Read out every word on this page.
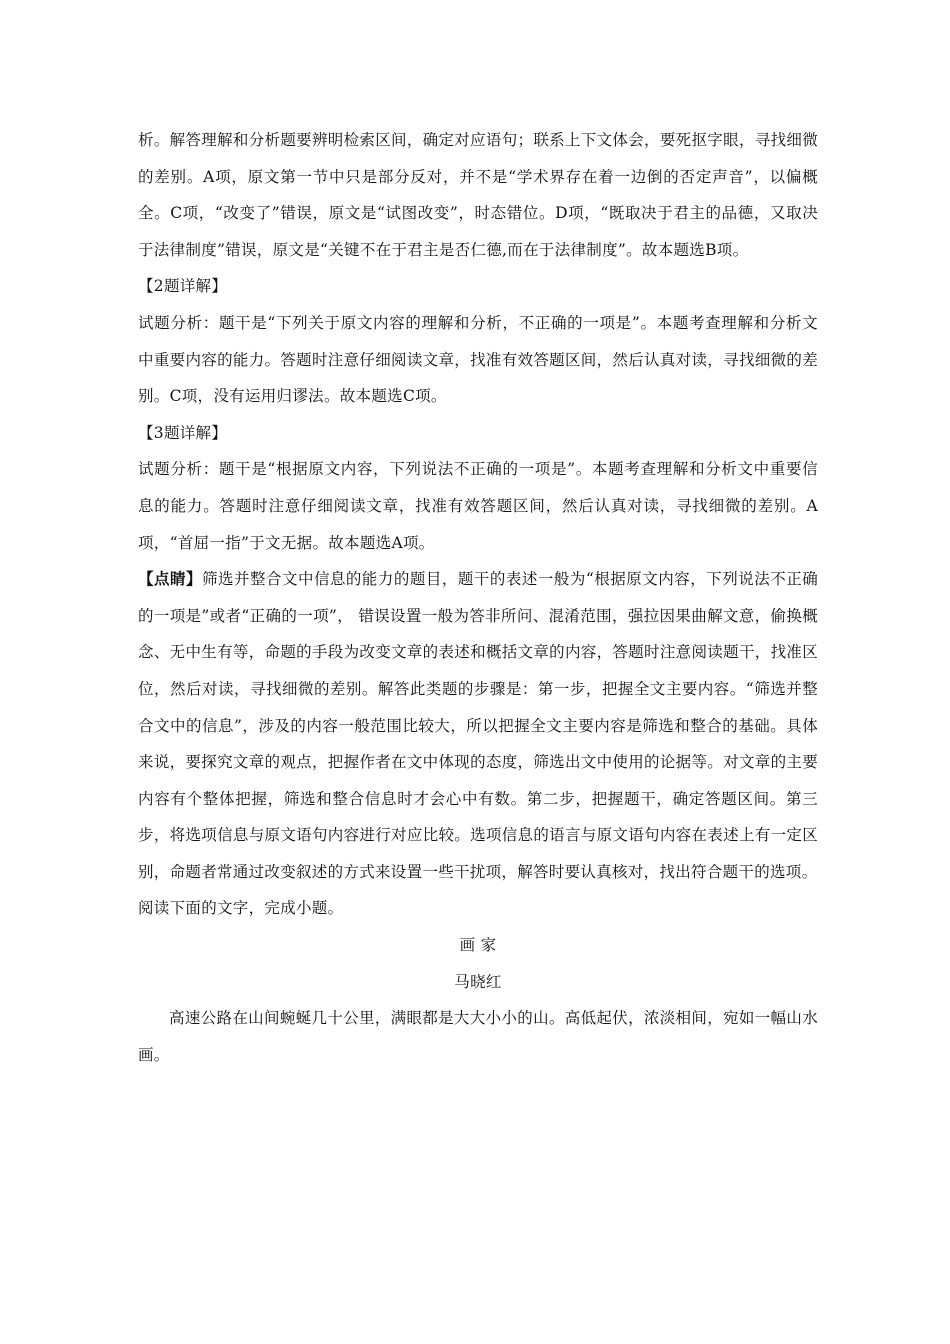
析。解答理解和分析题要辨明检索区间，确定对应语句；联系上下文体会，要死抠字眼，寻找细微的差别。A项，原文第一节中只是部分反对，并不是“学术界存在着一边倒的否定声音”，以偏概全。C项，“改变了”错误，原文是“试图改变”，时态错位。D项，“既取决于君主的品德，又取决于法律制度”错误，原文是“关键不在于君主是否仁德,而在于法律制度”。故本题选B项。

【2题详解】

试题分析：题干是“下列关于原文内容的理解和分析，不正确的一项是”。本题考查理解和分析文中重要内容的能力。答题时注意仔细阅读文章，找准有效答题区间，然后认真对读，寻找细微的差别。C项，没有运用归谬法。故本题选C项。

【3题详解】

试题分析：题干是“根据原文内容，下列说法不正确的一项是”。本题考查理解和分析文中重要信息的能力。答题时注意仔细阅读文章，找准有效答题区间，然后认真对读，寻找细微的差别。A项，“首屈一指”于文无据。故本题选A项。

【点睛】筛选并整合文中信息的能力的题目，题干的表述一般为“根据原文内容，下列说法不正确的一项是”或者“正确的一项”， 错误设置一般为答非所问、混淆范围，强拉因果曲解文意，偷换概念、无中生有等，命题的手段为改变文章的表述和概括文章的内容，答题时注意阅读题干，找准区位，然后对读，寻找细微的差别。解答此类题的步骤是：第一步，把握全文主要内容。“筛选并整合文中的信息”，涉及的内容一般范围比较大，所以把握全文主要内容是筛选和整合的基础。具体来说，要探究文章的观点，把握作者在文中体现的态度，筛选出文中使用的论据等。对文章的主要内容有个整体把握，筛选和整合信息时才会心中有数。第二步，把握题干，确定答题区间。第三步，将选项信息与原文语句内容进行对应比较。选项信息的语言与原文语句内容在表述上有一定区别，命题者常通过改变叙述的方式来设置一些干扰项，解答时要认真核对，找出符合题干的选项。

阅读下面的文字，完成小题。

画 家

马晓红

高速公路在山间蜿蜒几十公里，满眼都是大大小小的山。高低起伏，浓淡相间，宛如一幅山水画。
